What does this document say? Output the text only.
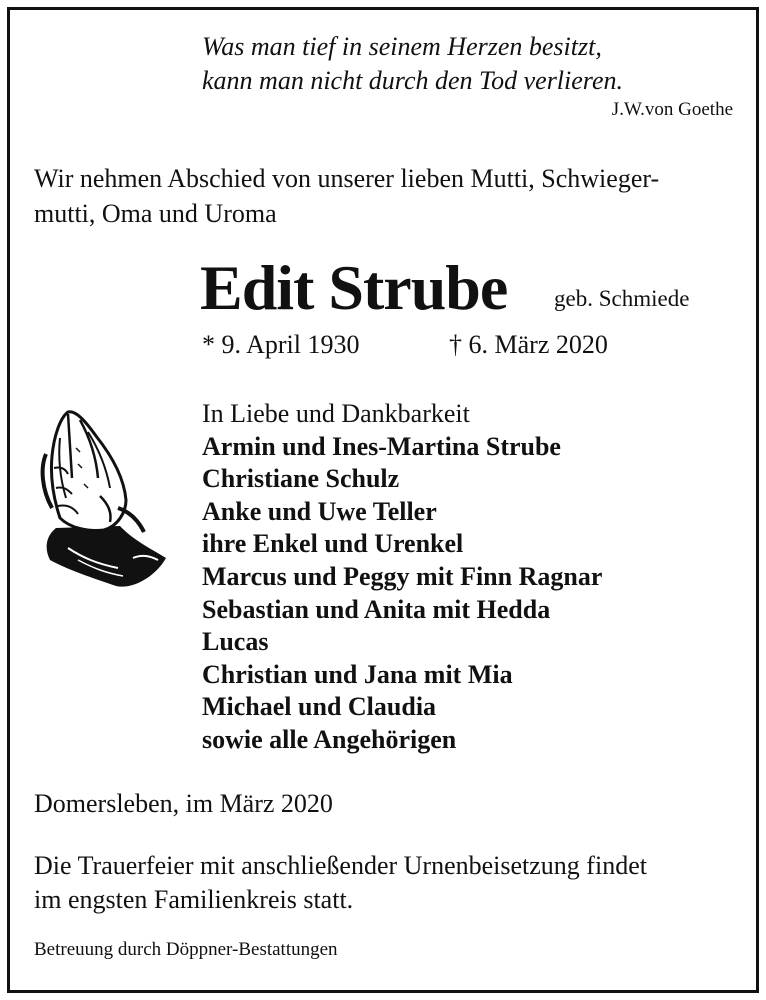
Was man tief in seinem Herzen besitzt,
kann man nicht durch den Tod verlieren.
J.W.von Goethe
Wir nehmen Abschied von unserer lieben Mutti, Schwieger-
mutti, Oma und Uroma
Edit Strube geb. Schmiede
* 9. April 1930	† 6. März 2020
In Liebe und Dankbarkeit
Armin und Ines-Martina Strube
Christiane Schulz
Anke und Uwe Teller
ihre Enkel und Urenkel
Marcus und Peggy mit Finn Ragnar
Sebastian und Anita mit Hedda
Lucas
Christian und Jana mit Mia
Michael und Claudia
sowie alle Angehörigen
Domersleben, im März 2020
Die Trauerfeier mit anschließender Urnenbeisetzung findet
im engsten Familienkreis statt.
Betreuung durch Döppner-Bestattungen
